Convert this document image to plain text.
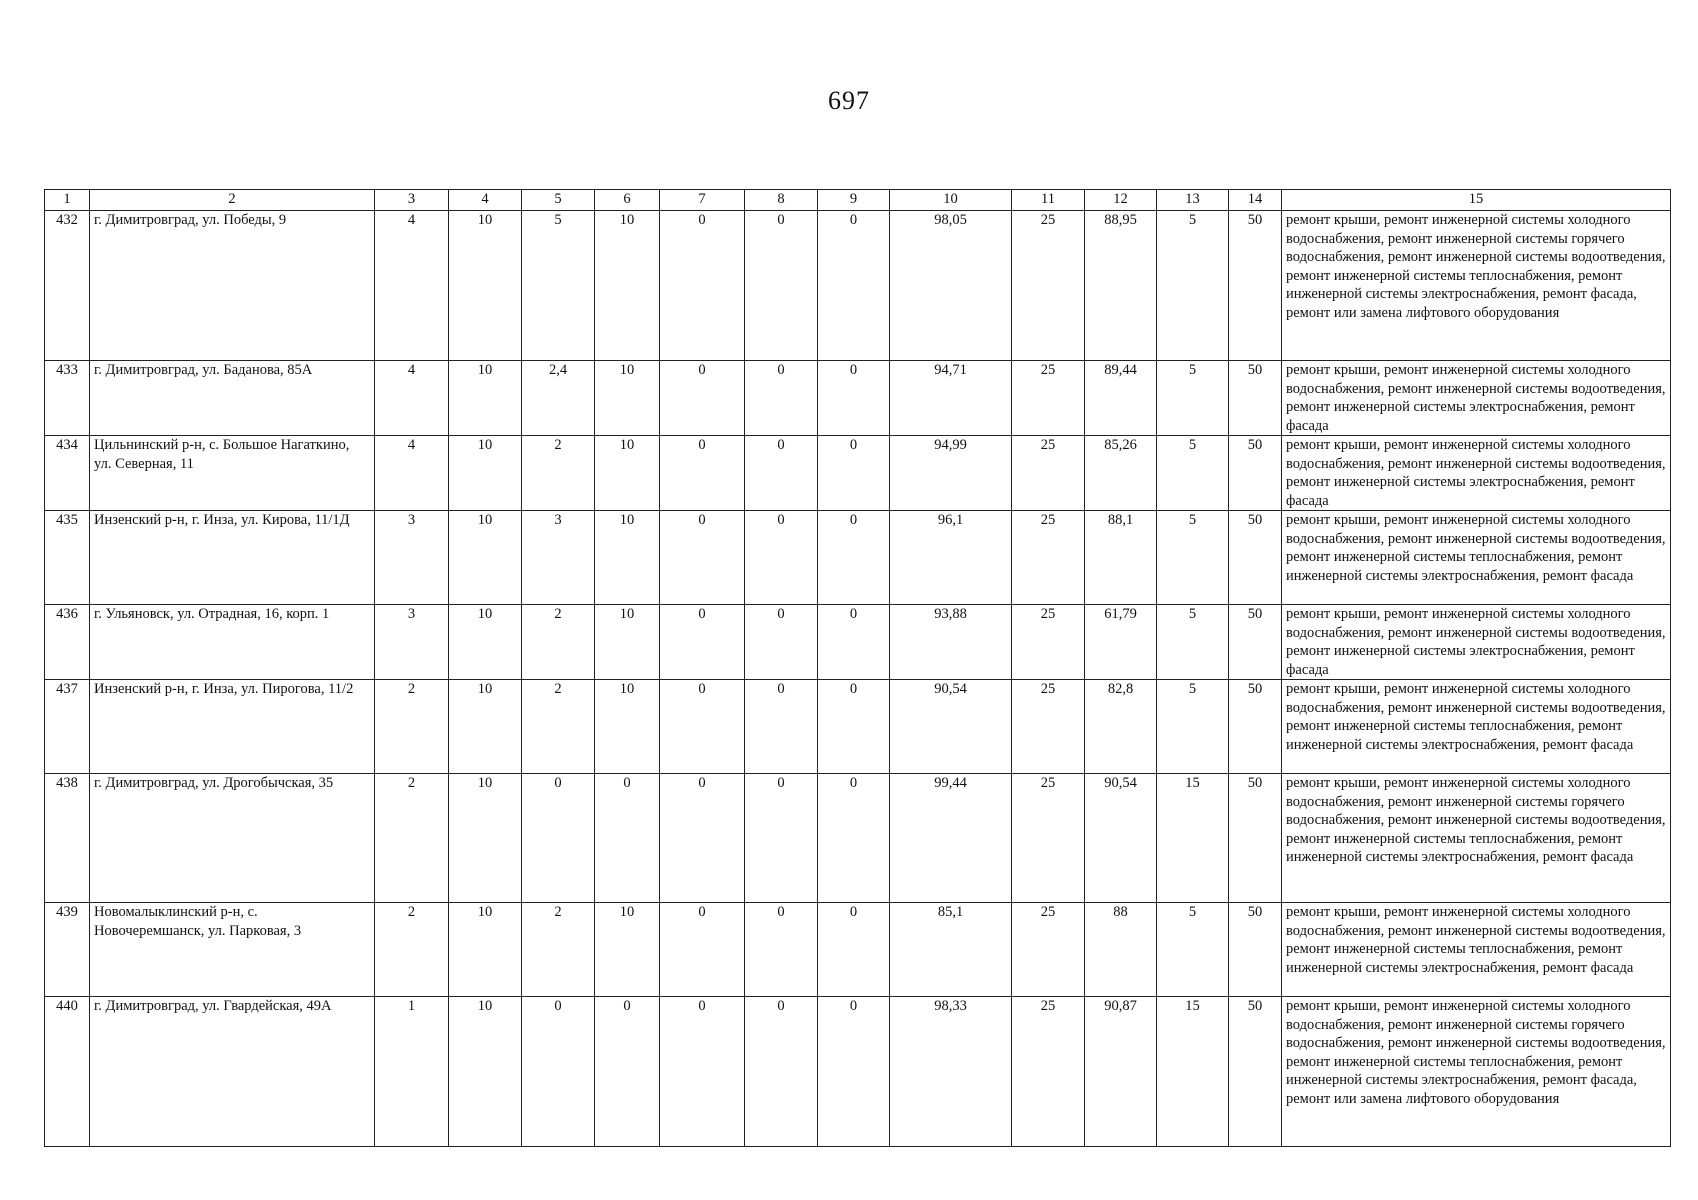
697
1	2	3	4	5	6	7	8	9	10	11	12	13	14	15
432	г. Димитровград, ул. Победы, 9	4	10	5	10	0	0	0	98,05	25	88,95	5	50	ремонт крыши, ремонт инженерной системы холодного водоснабжения, ремонт инженерной системы горячего водоснабжения, ремонт инженерной системы водоотведения, ремонт инженерной системы теплоснабжения, ремонт инженерной системы электроснабжения, ремонт фасада, ремонт или замена лифтового оборудования
433	г. Димитровград, ул. Баданова, 85А	4	10	2,4	10	0	0	0	94,71	25	89,44	5	50	ремонт крыши, ремонт инженерной системы холодного водоснабжения, ремонт инженерной системы водоотведения, ремонт инженерной системы электроснабжения, ремонт фасада
434	Цильнинский р-н, с. Большое Нагаткино, ул. Северная, 11	4	10	2	10	0	0	0	94,99	25	85,26	5	50	ремонт крыши, ремонт инженерной системы холодного водоснабжения, ремонт инженерной системы водоотведения, ремонт инженерной системы электроснабжения, ремонт фасада
435	Инзенский р-н, г. Инза, ул. Кирова, 11/1Д	3	10	3	10	0	0	0	96,1	25	88,1	5	50	ремонт крыши, ремонт инженерной системы холодного водоснабжения, ремонт инженерной системы водоотведения, ремонт инженерной системы теплоснабжения, ремонт инженерной системы электроснабжения, ремонт фасада
436	г. Ульяновск, ул. Отрадная, 16, корп. 1	3	10	2	10	0	0	0	93,88	25	61,79	5	50	ремонт крыши, ремонт инженерной системы холодного водоснабжения, ремонт инженерной системы водоотведения, ремонт инженерной системы электроснабжения, ремонт фасада
437	Инзенский р-н, г. Инза, ул. Пирогова, 11/2	2	10	2	10	0	0	0	90,54	25	82,8	5	50	ремонт крыши, ремонт инженерной системы холодного водоснабжения, ремонт инженерной системы водоотведения, ремонт инженерной системы теплоснабжения, ремонт инженерной системы электроснабжения, ремонт фасада
438	г. Димитровград, ул. Дрогобычская, 35	2	10	0	0	0	0	0	99,44	25	90,54	15	50	ремонт крыши, ремонт инженерной системы холодного водоснабжения, ремонт инженерной системы горячего водоснабжения, ремонт инженерной системы водоотведения, ремонт инженерной системы теплоснабжения, ремонт инженерной системы электроснабжения, ремонт фасада
439	Новомалыклинский р-н, с. Новочеремшанск, ул. Парковая, 3	2	10	2	10	0	0	0	85,1	25	88	5	50	ремонт крыши, ремонт инженерной системы холодного водоснабжения, ремонт инженерной системы водоотведения, ремонт инженерной системы теплоснабжения, ремонт инженерной системы электроснабжения, ремонт фасада
440	г. Димитровград, ул. Гвардейская, 49А	1	10	0	0	0	0	0	98,33	25	90,87	15	50	ремонт крыши, ремонт инженерной системы холодного водоснабжения, ремонт инженерной системы горячего водоснабжения, ремонт инженерной системы водоотведения, ремонт инженерной системы теплоснабжения, ремонт инженерной системы электроснабжения, ремонт фасада, ремонт или замена лифтового оборудования
